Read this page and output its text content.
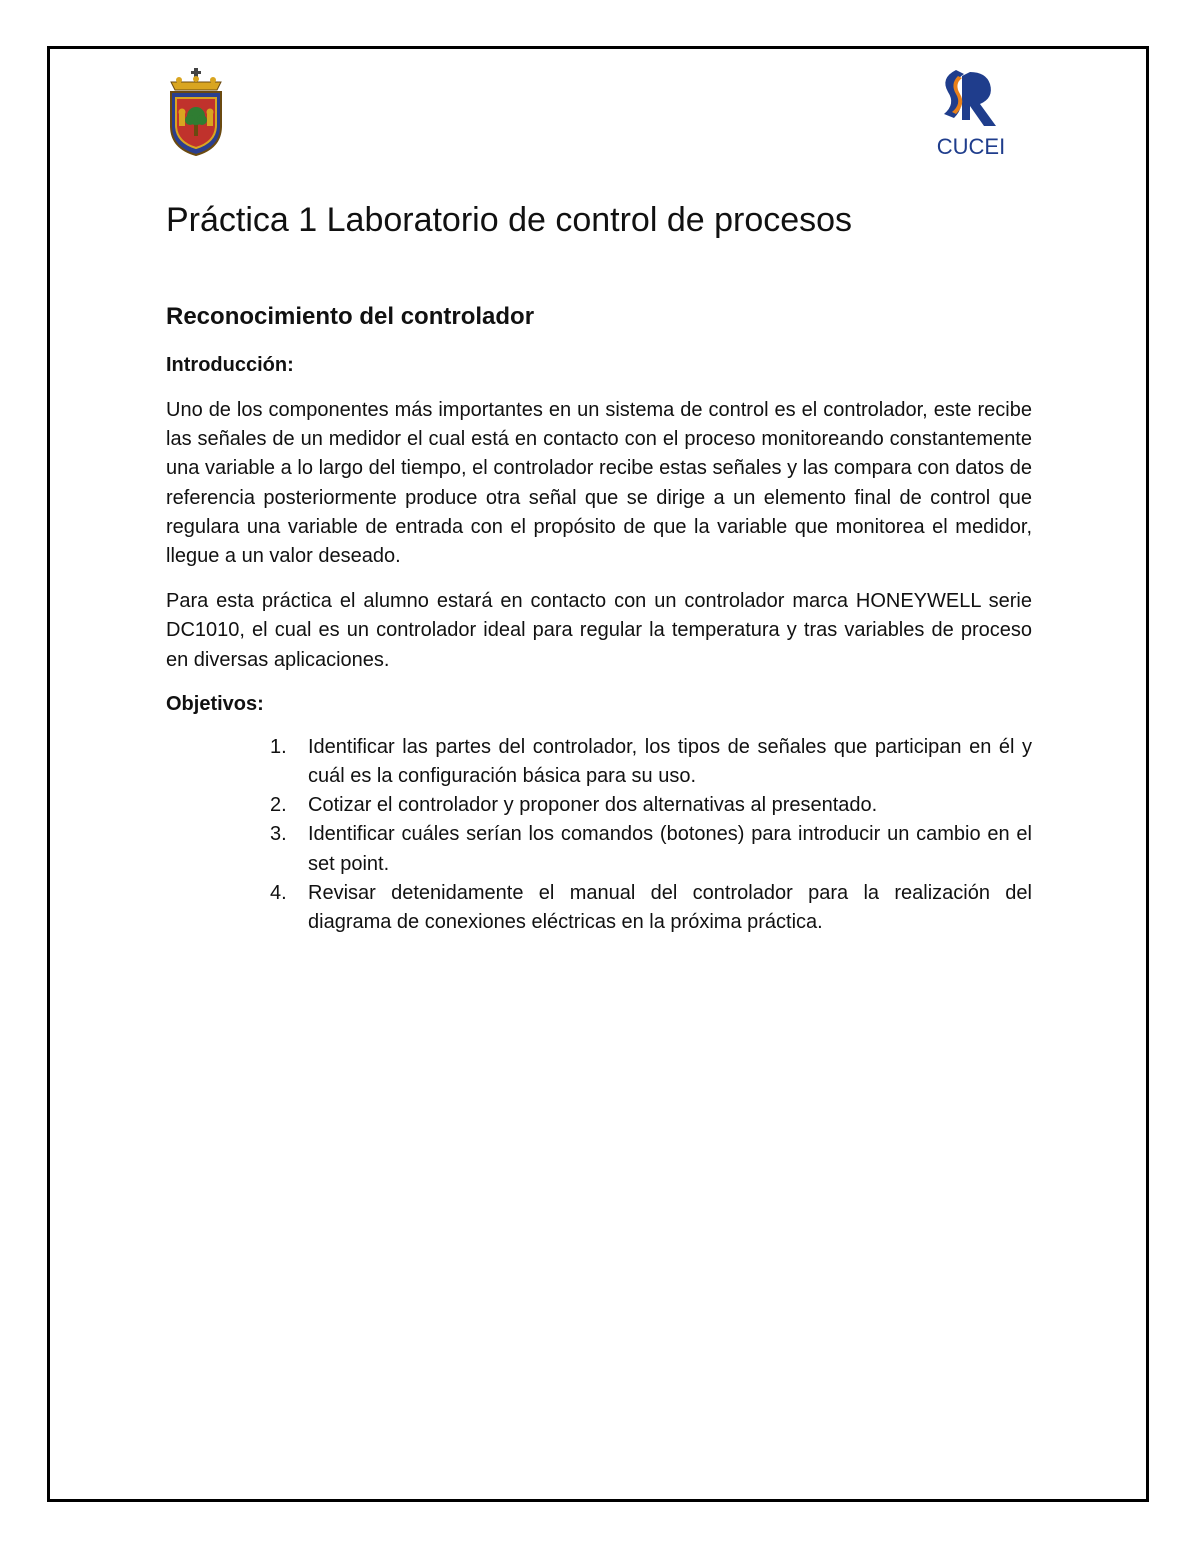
CUCEI
Práctica 1 Laboratorio de control de procesos
Reconocimiento del controlador
Introducción:

Uno de los componentes más importantes en un sistema de control es el controlador, este recibe las señales de un medidor el cual está en contacto con el proceso monitoreando constantemente una variable a lo largo del tiempo, el controlador recibe estas señales y las compara con datos de referencia posteriormente produce otra señal que se dirige a un elemento final de control que regulara una variable de entrada con el propósito de que la variable que monitorea el medidor, llegue a un valor deseado.

Para esta práctica el alumno estará en contacto con un controlador marca HONEYWELL serie DC1010, el cual es un controlador ideal para regular la temperatura y tras variables de proceso en diversas aplicaciones.

Objetivos:
1.	Identificar las partes del controlador, los tipos de señales que participan en él y cuál es la configuración básica para su uso.
2.	Cotizar el controlador y proponer dos alternativas al presentado.
3.	Identificar cuáles serían los comandos (botones) para introducir un cambio en el set point.
4.	Revisar detenidamente el manual del controlador para la realización del diagrama de conexiones eléctricas en la próxima práctica.
